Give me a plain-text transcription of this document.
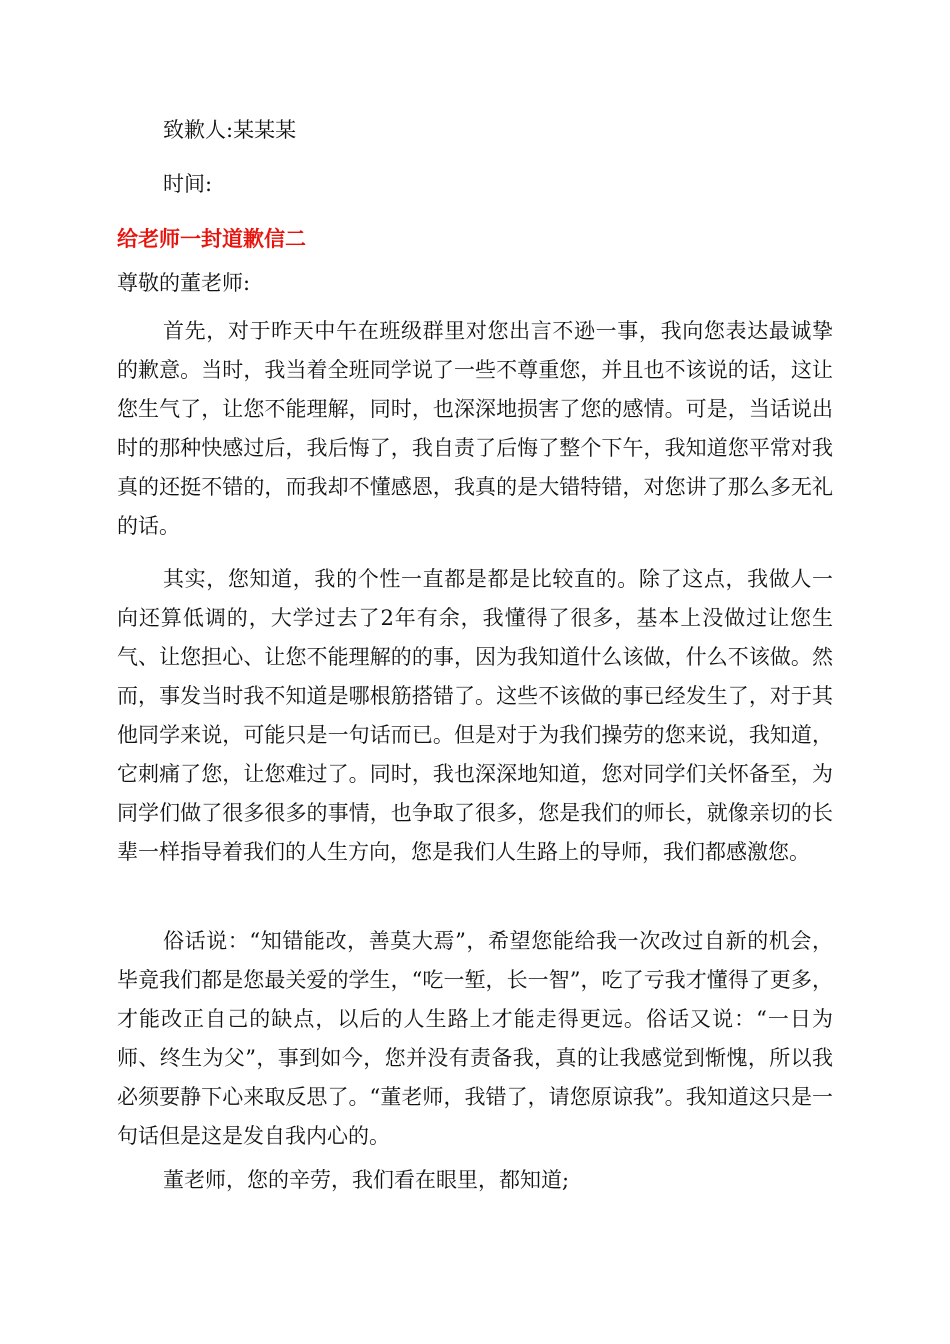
致歉人:某某某
时间:
给老师一封道歉信二
尊敬的董老师:
首先，对于昨天中午在班级群里对您出言不逊一事，我向您表达最诚挚的歉意。当时，我当着全班同学说了一些不尊重您，并且也不该说的话，这让您生气了，让您不能理解，同时，也深深地损害了您的感情。可是，当话说出时的那种快感过后，我后悔了，我自责了后悔了整个下午，我知道您平常对我真的还挺不错的，而我却不懂感恩，我真的是大错特错，对您讲了那么多无礼的话。
其实，您知道，我的个性一直都是都是比较直的。除了这点，我做人一向还算低调的，大学过去了2年有余，我懂得了很多，基本上没做过让您生气、让您担心、让您不能理解的的事，因为我知道什么该做，什么不该做。然而，事发当时我不知道是哪根筋搭错了。这些不该做的事已经发生了，对于其他同学来说，可能只是一句话而已。但是对于为我们操劳的您来说，我知道，它刺痛了您，让您难过了。同时，我也深深地知道，您对同学们关怀备至，为同学们做了很多很多的事情，也争取了很多，您是我们的师长，就像亲切的长辈一样指导着我们的人生方向，您是我们人生路上的导师，我们都感激您。
俗话说：“知错能改，善莫大焉”，希望您能给我一次改过自新的机会，毕竟我们都是您最关爱的学生，“吃一堑，长一智”，吃了亏我才懂得了更多，才能改正自己的缺点，以后的人生路上才能走得更远。俗话又说：“一日为师、终生为父”，事到如今，您并没有责备我，真的让我感觉到惭愧，所以我必须要静下心来取反思了。“董老师，我错了，请您原谅我”。我知道这只是一句话但是这是发自我内心的。
董老师，您的辛劳，我们看在眼里，都知道;
